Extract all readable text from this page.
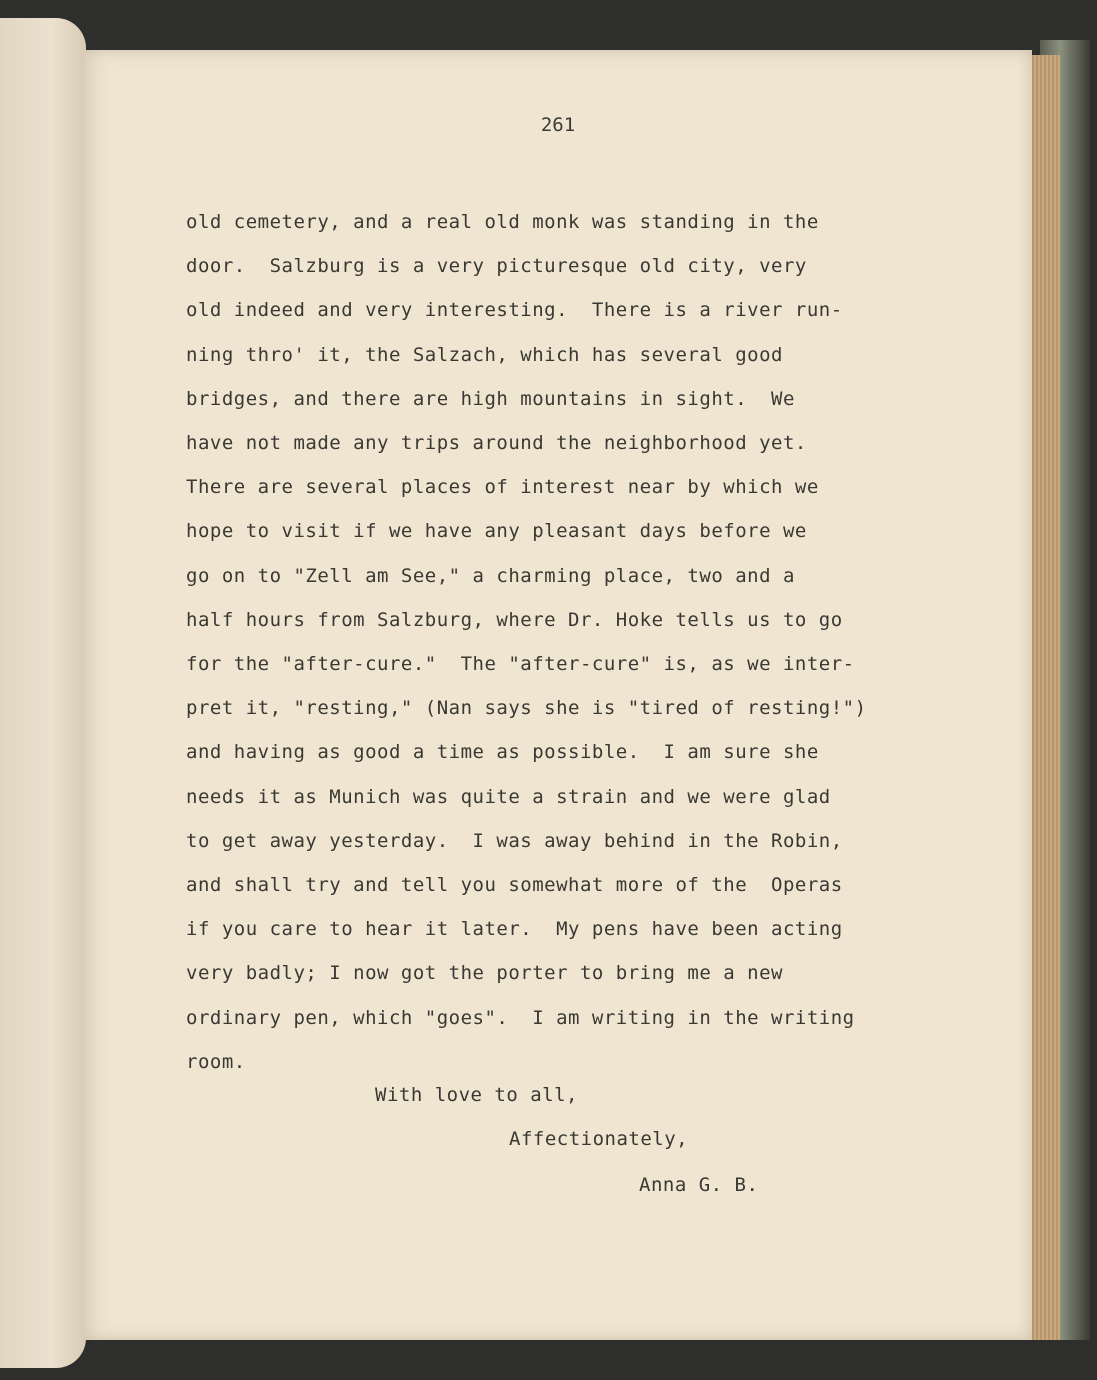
261
old cemetery, and a real old monk was standing in the
door.  Salzburg is a very picturesque old city, very
old indeed and very interesting.  There is a river run-
ning thro' it, the Salzach, which has several good
bridges, and there are high mountains in sight.  We
have not made any trips around the neighborhood yet.
There are several places of interest near by which we
hope to visit if we have any pleasant days before we
go on to "Zell am See," a charming place, two and a
half hours from Salzburg, where Dr. Hoke tells us to go
for the "after-cure."  The "after-cure" is, as we inter-
pret it, "resting," (Nan says she is "tired of resting!")
and having as good a time as possible.  I am sure she
needs it as Munich was quite a strain and we were glad
to get away yesterday.  I was away behind in the Robin,
and shall try and tell you somewhat more of the  Operas
if you care to hear it later.  My pens have been acting
very badly; I now got the porter to bring me a new
ordinary pen, which "goes".  I am writing in the writing
room.
With love to all,
Affectionately,
Anna G. B.
